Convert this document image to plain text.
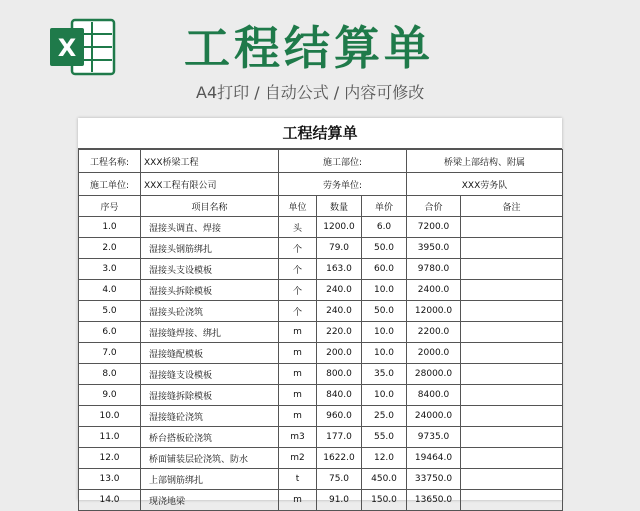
X 工程结算单
A4打印 / 自动公式 / 内容可修改
工程结算单
工程名称:	XXX桥梁工程	施工部位:			桥梁上部结构、附属	
施工单位:	XXX工程有限公司	劳务单位:			XXX劳务队	
序号	项目名称	单位	数量	单价	合价	备注
1.0	湿接头调直、焊接	头	1200.0	6.0	7200.0	
2.0	湿接头钢筋绑扎	个	79.0	50.0	3950.0	
3.0	湿接头支设模板	个	163.0	60.0	9780.0	
4.0	湿接头拆除模板	个	240.0	10.0	2400.0	
5.0	湿接头砼浇筑	个	240.0	50.0	12000.0	
6.0	湿接缝焊接、绑扎	m	220.0	10.0	2200.0	
7.0	湿接缝配模板	m	200.0	10.0	2000.0	
8.0	湿接缝支设模板	m	800.0	35.0	28000.0	
9.0	湿接缝拆除模板	m	840.0	10.0	8400.0	
10.0	湿接缝砼浇筑	m	960.0	25.0	24000.0	
11.0	桥台搭板砼浇筑	m3	177.0	55.0	9735.0	
12.0	桥面铺装层砼浇筑、防水	m2	1622.0	12.0	19464.0	
13.0	上部钢筋绑扎	t	75.0	450.0	33750.0	
14.0	现浇地梁	m	91.0	150.0	13650.0	
